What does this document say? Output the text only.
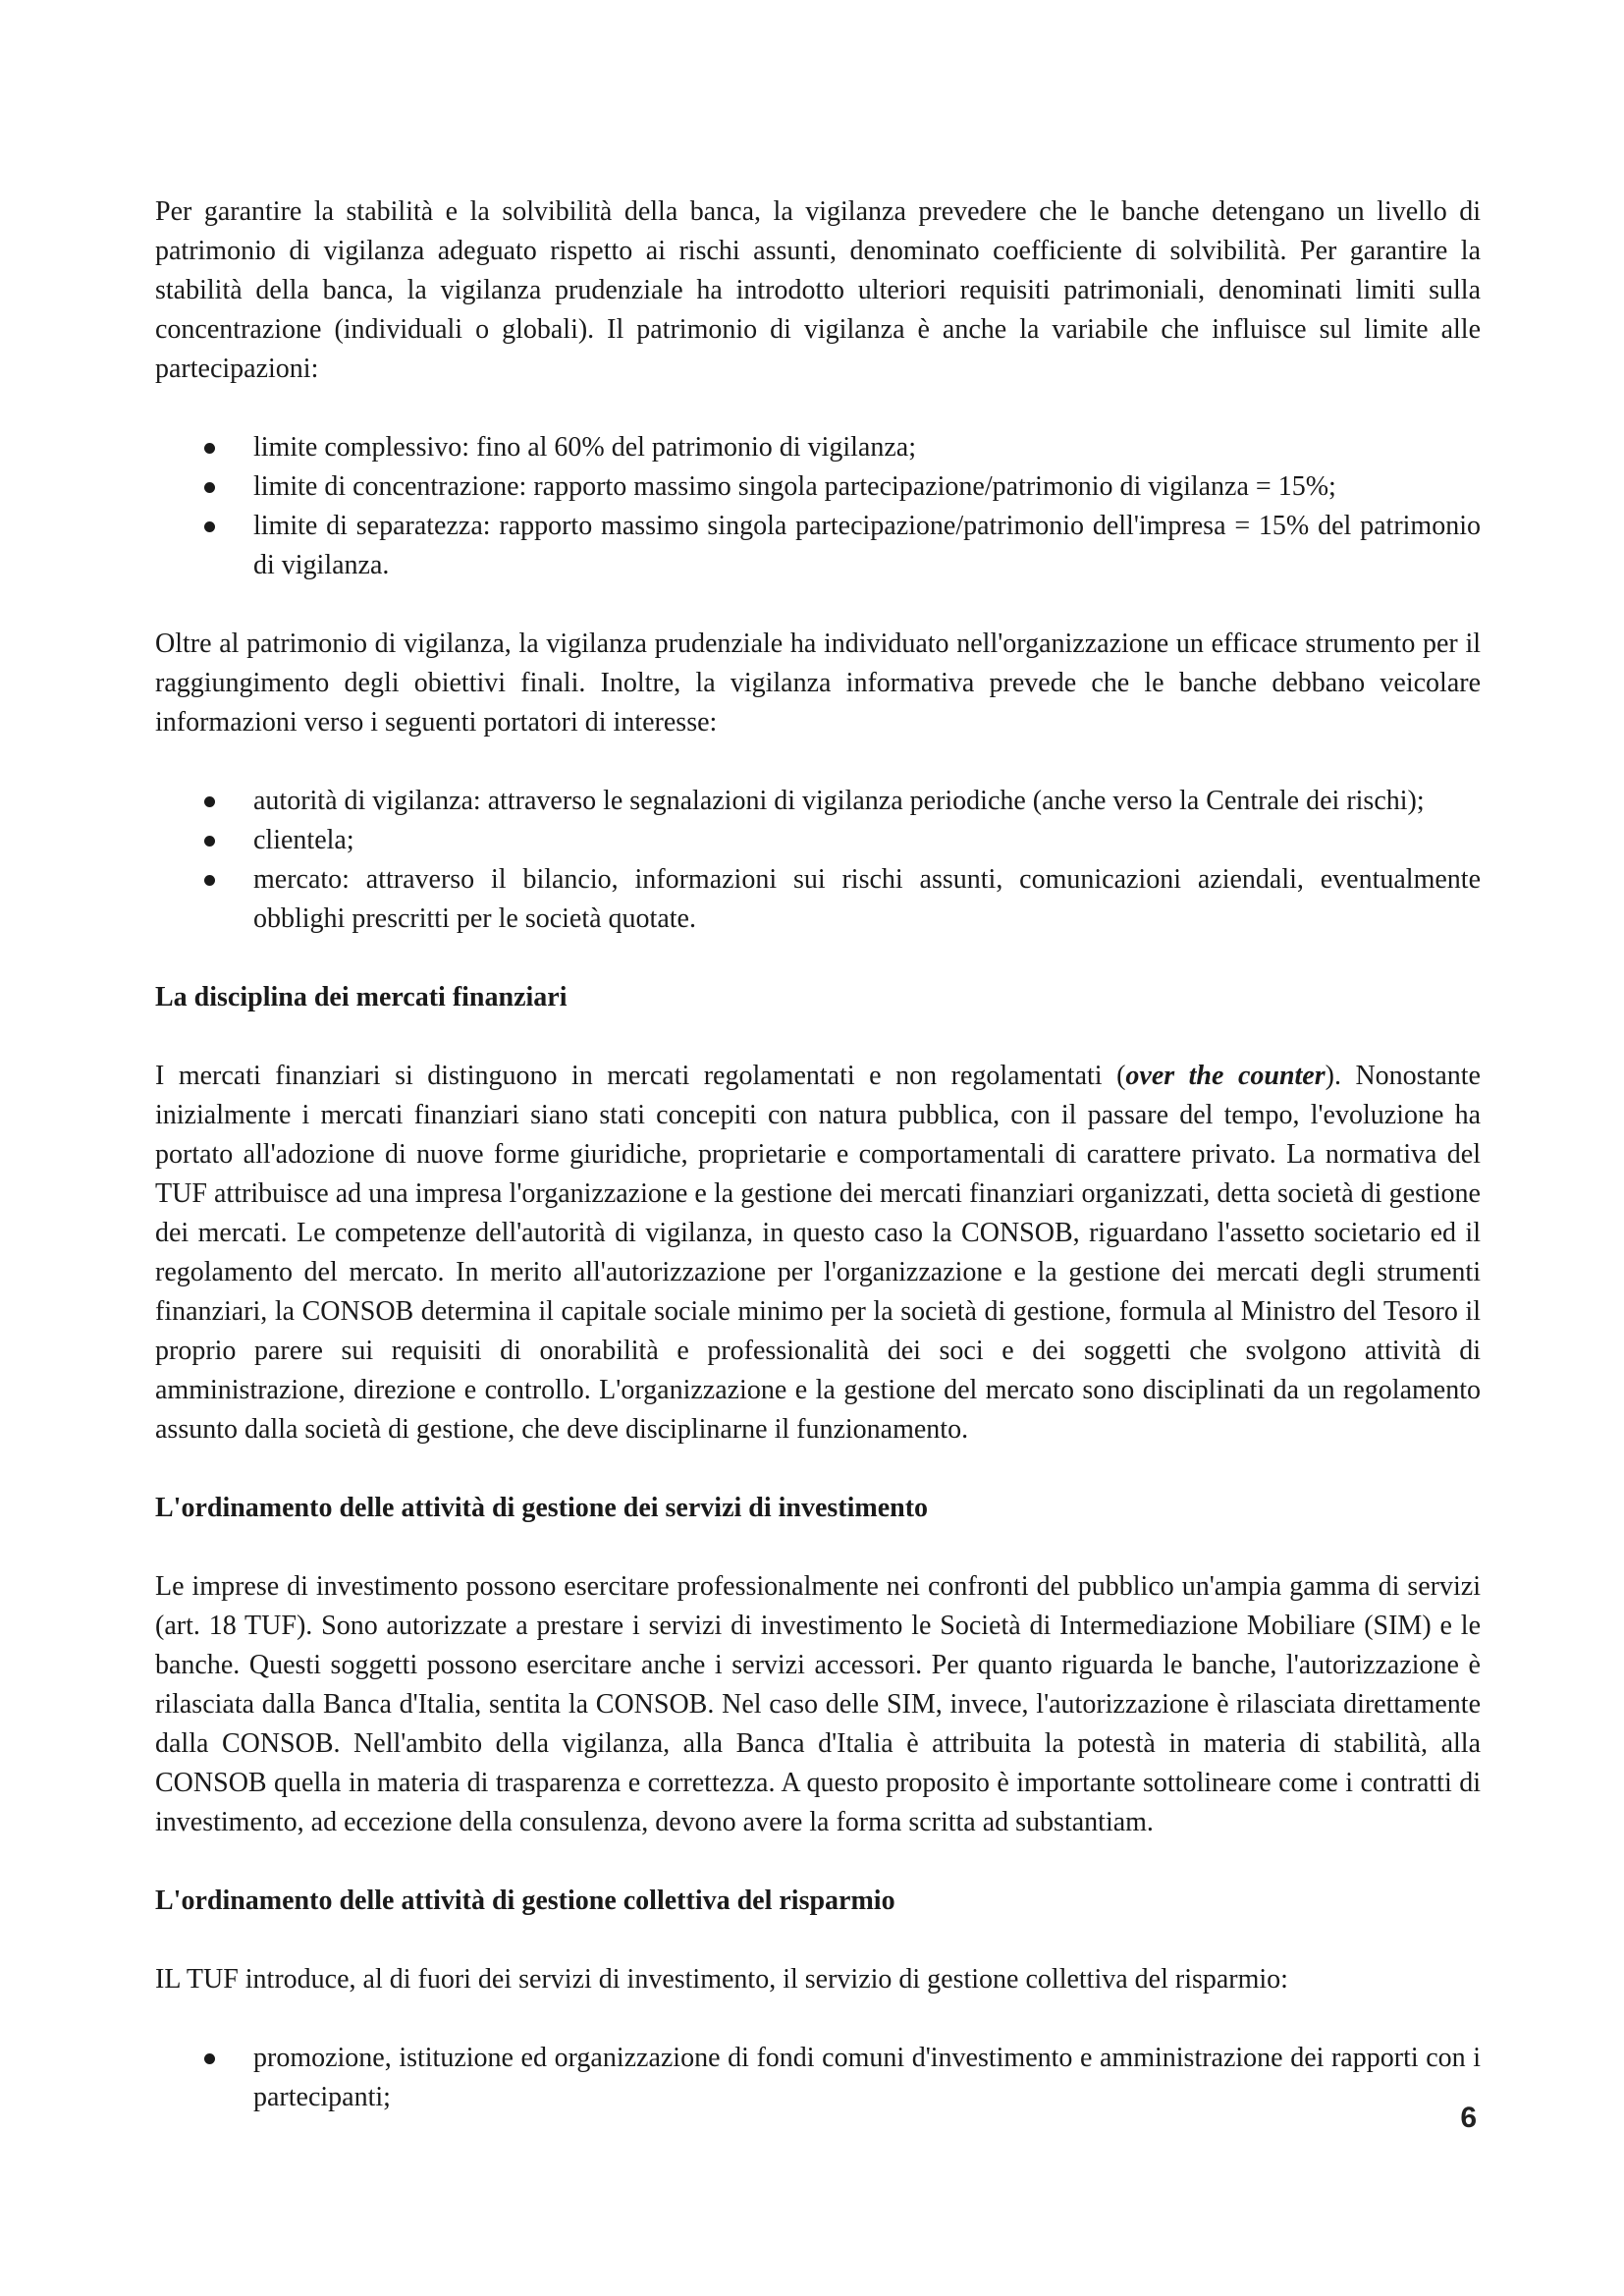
Per garantire la stabilità e la solvibilità della banca, la vigilanza prevedere che le banche detengano un livello di patrimonio di vigilanza adeguato rispetto ai rischi assunti, denominato coefficiente di solvibilità. Per garantire la stabilità della banca, la vigilanza prudenziale ha introdotto ulteriori requisiti patrimoniali, denominati limiti sulla concentrazione (individuali o globali). Il patrimonio di vigilanza è anche la variabile che influisce sul limite alle partecipazioni:

limite complessivo: fino al 60% del patrimonio di vigilanza;
limite di concentrazione: rapporto massimo singola partecipazione/patrimonio di vigilanza = 15%;
limite di separatezza: rapporto massimo singola partecipazione/patrimonio dell'impresa = 15% del patrimonio di vigilanza.

Oltre al patrimonio di vigilanza, la vigilanza prudenziale ha individuato nell'organizzazione un efficace strumento per il raggiungimento degli obiettivi finali. Inoltre, la vigilanza informativa prevede che le banche debbano veicolare informazioni verso i seguenti portatori di interesse:

autorità di vigilanza: attraverso le segnalazioni di vigilanza periodiche (anche verso la Centrale dei rischi);
clientela;
mercato: attraverso il bilancio, informazioni sui rischi assunti, comunicazioni aziendali, eventualmente obblighi prescritti per le società quotate.
La disciplina dei mercati finanziari

I mercati finanziari si distinguono in mercati regolamentati e non regolamentati (over the counter). Nonostante inizialmente i mercati finanziari siano stati concepiti con natura pubblica, con il passare del tempo, l'evoluzione ha portato all'adozione di nuove forme giuridiche, proprietarie e comportamentali di carattere privato. La normativa del TUF attribuisce ad una impresa l'organizzazione e la gestione dei mercati finanziari organizzati, detta società di gestione dei mercati. Le competenze dell'autorità di vigilanza, in questo caso la CONSOB, riguardano l'assetto societario ed il regolamento del mercato. In merito all'autorizzazione per l'organizzazione e la gestione dei mercati degli strumenti finanziari, la CONSOB determina il capitale sociale minimo per la società di gestione, formula al Ministro del Tesoro il proprio parere sui requisiti di onorabilità e professionalità dei soci e dei soggetti che svolgono attività di amministrazione, direzione e controllo. L'organizzazione e la gestione del mercato sono disciplinati da un regolamento assunto dalla società di gestione, che deve disciplinarne il funzionamento.

L'ordinamento delle attività di gestione dei servizi di investimento

Le imprese di investimento possono esercitare professionalmente nei confronti del pubblico un'ampia gamma di servizi (art. 18 TUF). Sono autorizzate a prestare i servizi di investimento le Società di Intermediazione Mobiliare (SIM) e le banche. Questi soggetti possono esercitare anche i servizi accessori. Per quanto riguarda le banche, l'autorizzazione è rilasciata dalla Banca d'Italia, sentita la CONSOB. Nel caso delle SIM, invece, l'autorizzazione è rilasciata direttamente dalla CONSOB. Nell'ambito della vigilanza, alla Banca d'Italia è attribuita la potestà in materia di stabilità, alla CONSOB quella in materia di trasparenza e correttezza. A questo proposito è importante sottolineare come i contratti di investimento, ad eccezione della consulenza, devono avere la forma scritta ad substantiam.

L'ordinamento delle attività di gestione collettiva del risparmio

IL TUF introduce, al di fuori dei servizi di investimento, il servizio di gestione collettiva del risparmio:

promozione, istituzione ed organizzazione di fondi comuni d'investimento e amministrazione dei rapporti con i partecipanti;
6
